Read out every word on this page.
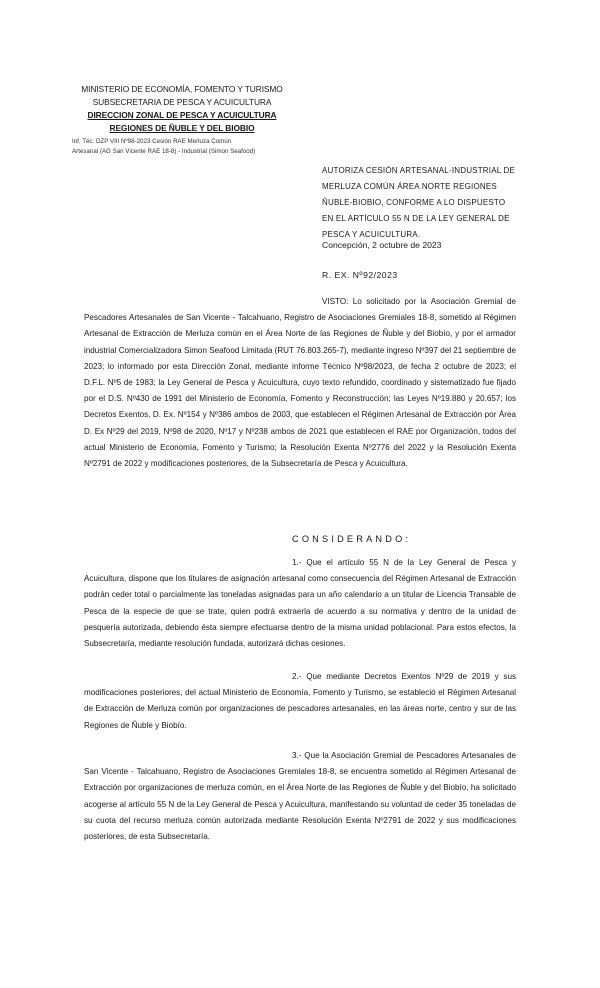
MINISTERIO DE ECONOMÍA, FOMENTO Y TURISMO
SUBSECRETARIA DE PESCA Y ACUICULTURA
DIRECCION ZONAL DE PESCA Y ACUICULTURA
REGIONES DE ÑUBLE Y DEL BIOBIO
Inf. Téc. DZP VIII Nº98-2023 Cesión RAE Merluza Común
Artesanal (AG San Vicente RAE 18-8) - Industrial (Simon Seafood)
AUTORIZA CESIÓN ARTESANAL-INDUSTRIAL DE MERLUZA COMÚN ÁREA NORTE REGIONES ÑUBLE-BIOBIO, CONFORME A LO DISPUESTO EN EL ARTÍCULO 55 N DE LA LEY GENERAL DE PESCA Y ACUICULTURA.
Concepción, 2 octubre de 2023
R. EX. Nº92/2023
VISTO: Lo solicitado por la Asociación Gremial de Pescadores Artesanales de San Vicente - Talcahuano, Registro de Asociaciones Gremiales 18-8, sometido al Régimen Artesanal de Extracción de Merluza común en el Área Norte de las Regiones de Ñuble y del Biobío, y por el armador industrial Comercializadora Simon Seafood Limitada (RUT 76.803.265-7), mediante ingreso Nº397 del 21 septiembre de 2023; lo informado por esta Dirección Zonal, mediante informe Técnico Nº98/2023, de fecha 2 octubre de 2023; el D.F.L. Nº5 de 1983; la Ley General de Pesca y Acuicultura, cuyo texto refundido, coordinado y sistematizado fue fijado por el D.S. Nº430 de 1991 del Ministerio de Economía, Fomento y Reconstrucción; las Leyes Nº19.880 y 20.657; los Decretos Exentos, D. Ex. Nº154 y Nº386 ambos de 2003, que establecen el Régimen Artesanal de Extracción por Área D. Ex Nº29 del 2019, Nº98 de 2020, Nº17 y Nº238 ambos de 2021 que establecen el RAE por Organización, todos del actual Ministerio de Economía, Fomento y Turismo; la Resolución Exenta Nº2776 del 2022 y la Resolución Exenta Nº2791 de 2022 y modificaciones posteriores, de la Subsecretaría de Pesca y Acuicultura.
CONSIDERANDO:
1.- Que el artículo 55 N de la Ley General de Pesca y Acuicultura, dispone que los titulares de asignación artesanal como consecuencia del Régimen Artesanal de Extracción podrán ceder total o parcialmente las toneladas asignadas para un año calendario a un titular de Licencia Transable de Pesca de la especie de que se trate, quien podrá extraerla de acuerdo a su normativa y dentro de la unidad de pesquería autorizada, debiendo ésta siempre efectuarse dentro de la misma unidad poblacional. Para estos efectos, la Subsecretaría, mediante resolución fundada, autorizará dichas cesiones.
2.- Que mediante Decretos Exentos Nº29 de 2019 y sus modificaciones posteriores, del actual Ministerio de Economía, Fomento y Turismo, se estableció el Régimen Artesanal de Extracción de Merluza común por organizaciones de pescadores artesanales, en las áreas norte, centro y sur de las Regiones de Ñuble y Biobío.
3.- Que la Asociación Gremial de Pescadores Artesanales de San Vicente - Talcahuano, Registro de Asociaciones Gremiales 18-8, se encuentra sometido al Régimen Artesanal de Extracción por organizaciones de merluza común, en el Área Norte de las Regiones de Ñuble y del Biobío, ha solicitado acogerse al artículo 55 N de la Ley General de Pesca y Acuicultura, manifestando su voluntad de ceder 35 toneladas de su cuota del recurso merluza común autorizada mediante Resolución Exenta Nº2791 de 2022 y sus modificaciones posteriores, de esta Subsecretaría.
